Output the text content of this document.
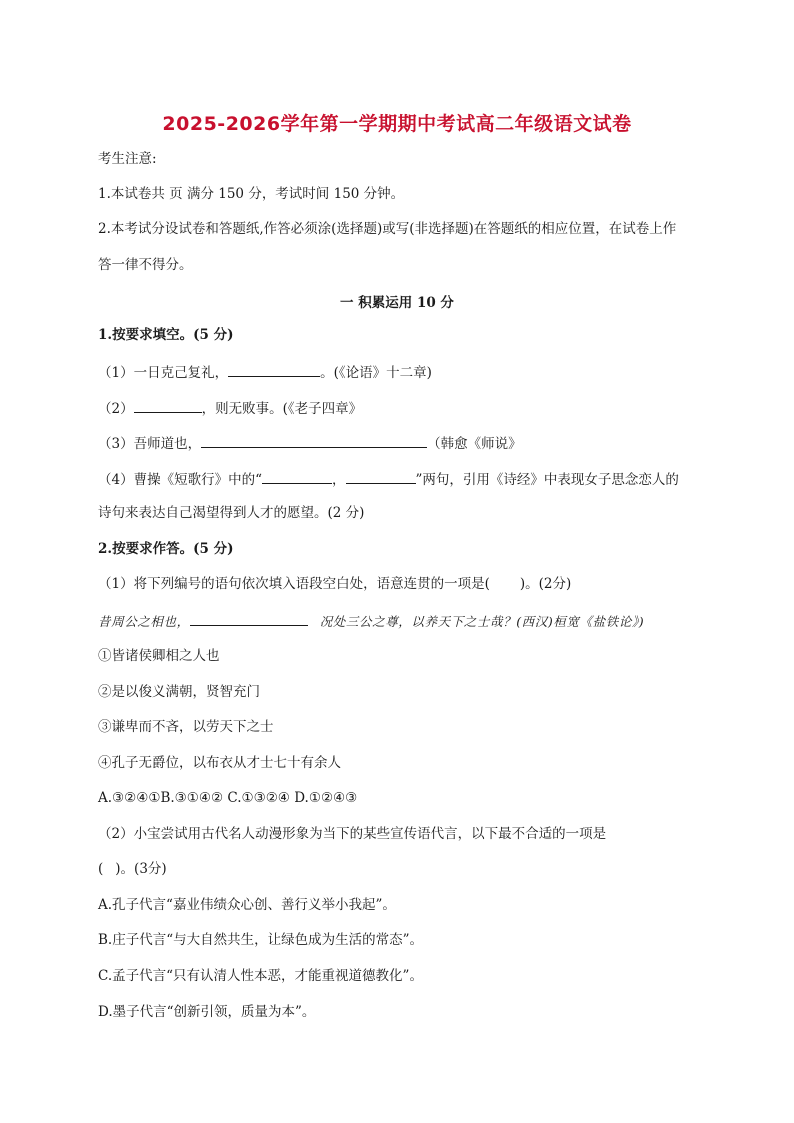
2025-2026学年第一学期期中考试高二年级语文试卷
考生注意:
1.本试卷共 页 满分 150 分，考试时间 150 分钟。
2.本考试分设试卷和答题纸,作答必须涂(选择题)或写(非选择题)在答题纸的相应位置，在试卷上作
答一律不得分。
一 积累运用 10 分
1.按要求填空。(5 分)
（1）一日克己复礼，	。(《论语》十二章)
（2）	，则无败事。(《老子四章》
（3）吾师道也，	（韩愈《师说》
（4）曹操《短歌行》中的“	，	”两句，引用《诗经》中表现女子思念恋人的
诗句来表达自己渴望得到人才的愿望。(2 分)
2.按要求作答。(5 分)
（1）将下列编号的语句依次填入语段空白处，语意连贯的一项是( )。(2分)
昔周公之相也，	况处三公之尊，以养天下之士哉？(西汉)桓宽《盐铁论》)
①皆诸侯卿相之人也
②是以俊义满朝，贤智充门
③谦卑而不吝，以劳天下之士
④孔子无爵位，以布衣从才士七十有余人
A.③②④①B.③①④② C.①③②④ D.①②④③
（2）小宝尝试用古代名人动漫形象为当下的某些宣传语代言，以下最不合适的一项是
( )。(3分)
A.孔子代言“嘉业伟绩众心创、善行义举小我起”。
B.庄子代言“与大自然共生，让绿色成为生活的常态”。
C.孟子代言“只有认清人性本恶，才能重视道德教化”。
D.墨子代言“创新引领，质量为本”。
